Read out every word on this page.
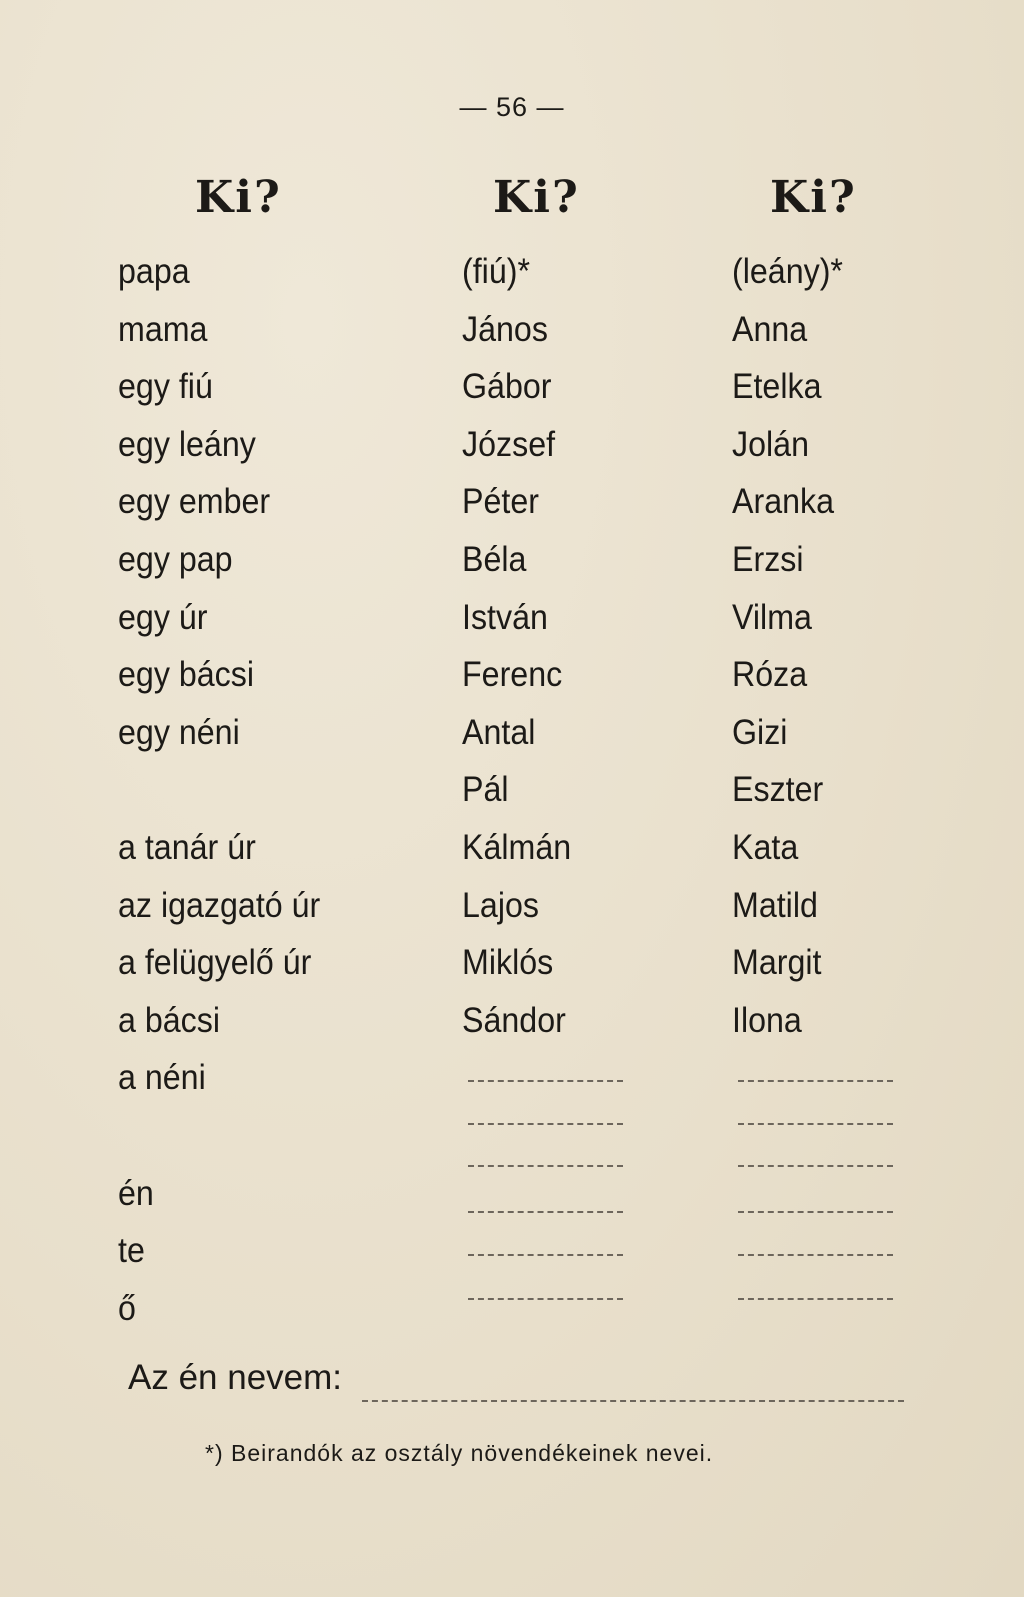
— 56 —
Ki?
papa
mama
egy fiú
egy leány
egy ember
egy pap
egy úr
egy bácsi
egy néni
a tanár úr
az igazgató úr
a felügyelő úr
a bácsi
a néni
én
te
ő
Ki?
(fiú)*
János
Gábor
József
Péter
Béla
István
Ferenc
Antal
Pál
Kálmán
Lajos
Miklós
Sándor
Ki?
(leány)*
Anna
Etelka
Jolán
Aranka
Erzsi
Vilma
Róza
Gizi
Eszter
Kata
Matild
Margit
Ilona
Az én nevem:
*) Beirandók az osztály növendékeinek nevei.
